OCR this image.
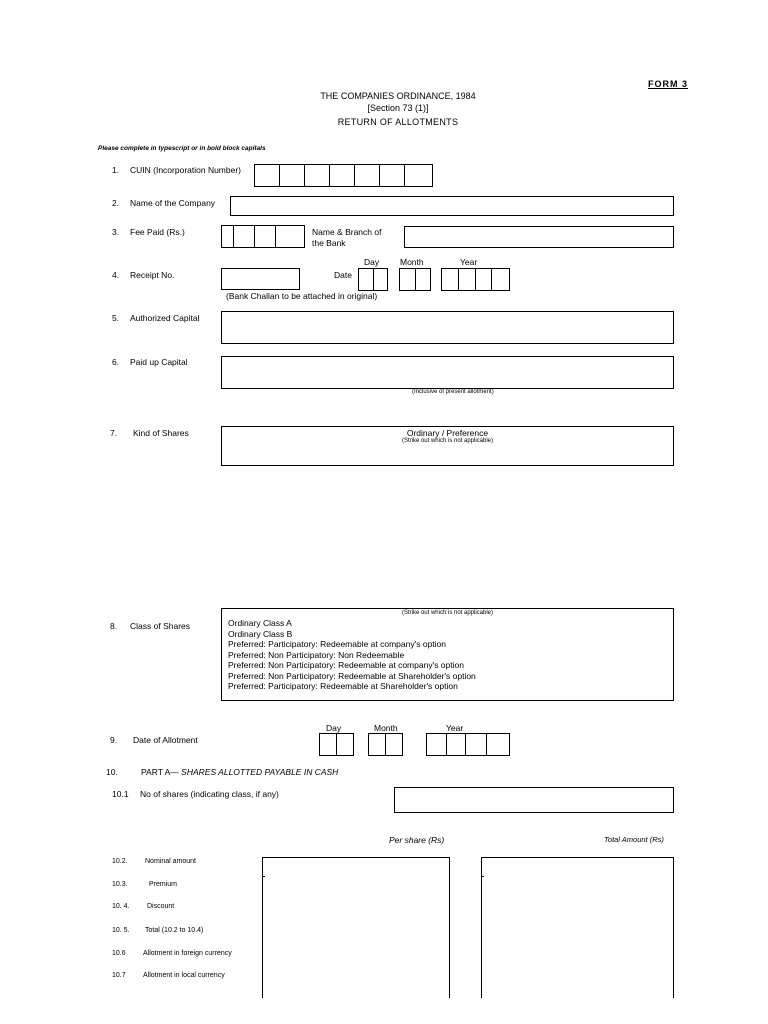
FORM 3
THE COMPANIES ORDINANCE, 1984
[Section 73 (1)]
RETURN OF ALLOTMENTS
Please complete in typescript or in bold block capitals
1. CUIN (Incorporation Number)
2. Name of the Company
3. Fee Paid (Rs.)	Name & Branch of
the Bank
Day Month	Year
4. Receipt No.	Date
(Bank Challan to be attached in original)
5. Authorized Capital
6. Paid up Capital
(Inclusive of present allotment)
7. Kind of Shares	Ordinary / Preference
(Strike out which is not applicable)
8. Class of Shares
(Strike out which is not applicable)
Ordinary Class A
Ordinary Class B
Preferred: Participatory: Redeemable at company's option
Preferred: Non Participatory: Non Redeemable
Preferred: Non Participatory: Redeemable at company's option
Preferred: Non Participatory: Redeemable at Shareholder's option
Preferred: Participatory: Redeemable at Shareholder's option
Day	Month	Year
9. Date of Allotment
10.	PART A— SHARES ALLOTTED PAYABLE IN CASH
10.1 No of shares (indicating class, if any)
Per share (Rs)	Total Amount (Rs)
10.2. Nominal amount
10.3.	Premium
10. 4. Discount
10. 5. Total (10.2 to 10.4)
10.6 Allotment in foreign currency
10.7 Allotment in local currency
